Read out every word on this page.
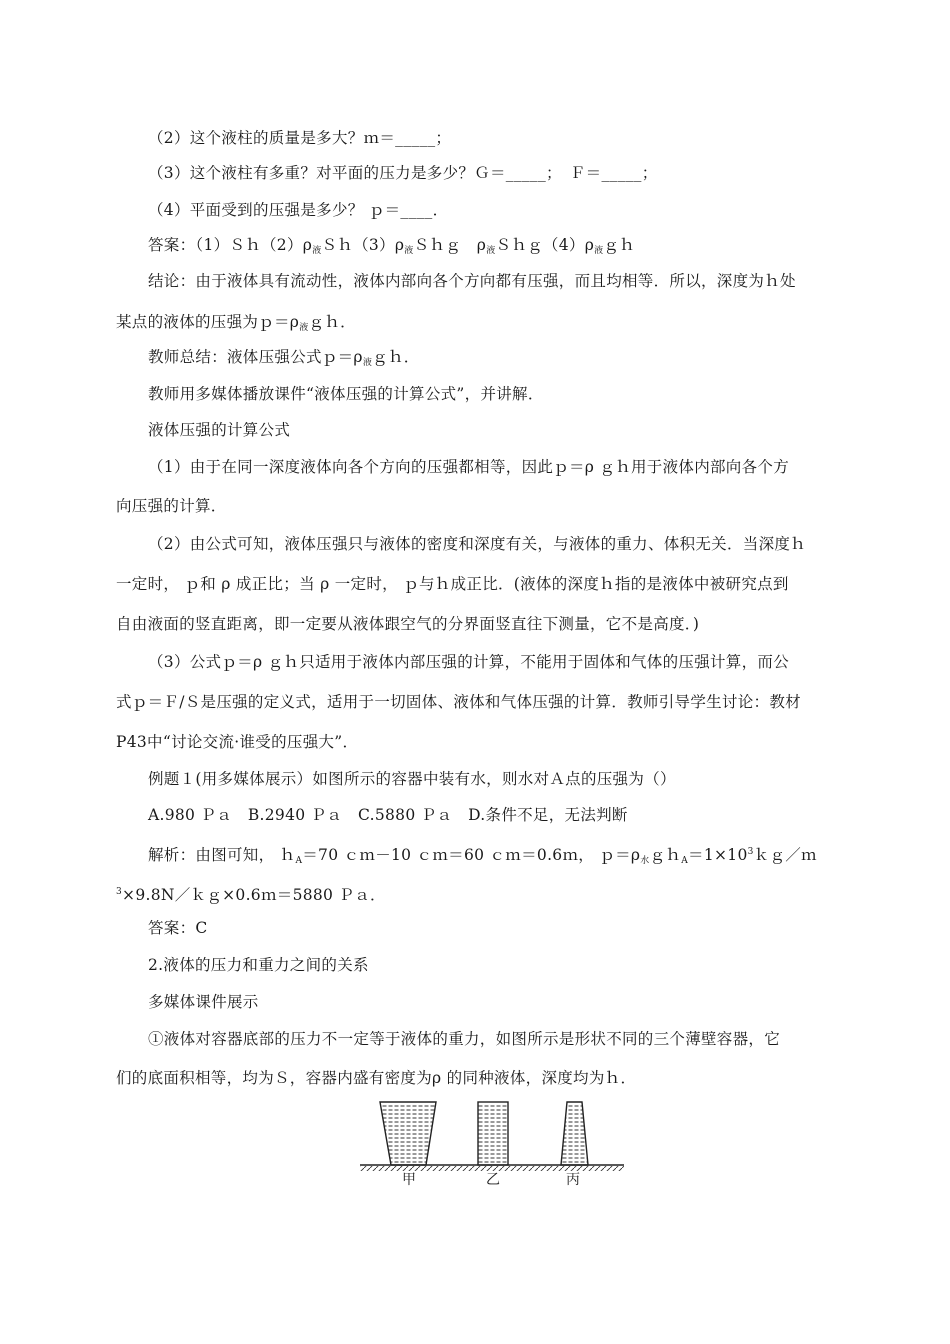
（2）这个液柱的质量是多大？ｍ＝_____；
（3）这个液柱有多重？对平面的压力是多少？Ｇ＝_____；　Ｆ＝_____；
（4）平面受到的压强是多少？ ｐ＝____．
答案：$(1)Sh(2)\rho_液Sh(3)\rho_液Shg$　$\rho_液Shg(4)\rho_液gh$
结论：由于液体具有流动性，液体内部向各个方向都有压强，而且均相等．所以，深度为ｈ处
某点的液体的压强为$p=\rho_液gh$．
教师总结：液体压强公式$p=\rho_液gh$．
教师用多媒体播放课件“液体压强的计算公式”，并讲解．
液体压强的计算公式
（1）由于在同一深度液体向各个方向的压强都相等，因此ｐ＝ρ ｇｈ用于液体内部向各个方
向压强的计算．
（2）由公式可知，液体压强只与液体的密度和深度有关，与液体的重力、体积无关．当深度ｈ
一定时， ｐ和 ρ 成正比；当 ρ 一定时， ｐ与ｈ成正比．(液体的深度ｈ指的是液体中被研究点到
自由液面的竖直距离，即一定要从液体跟空气的分界面竖直往下测量，它不是高度．)
（3）公式ｐ＝ρ ｇｈ只适用于液体内部压强的计算，不能用于固体和气体的压强计算，而公
式ｐ＝Ｆ/Ｓ是压强的定义式，适用于一切固体、液体和气体压强的计算．教师引导学生讨论：教材
P43中“讨论交流·谁受的压强大”．
例题１(用多媒体展示）如图所示的容器中装有水，则水对Ａ点的压强为（）
A.980 Ｐａ　B.2940 Ｐａ　C.5880 Ｐａ　D.条件不足，无法判断
解析：由图可知， ｈ$_A$＝70 ｃｍ－10 ｃｍ＝60 ｃｍ＝0.6ｍ， $p=\rho_水gh_A=1\times 10^3kg/m$
$^3$×9.8N／ｋｇ×0.6ｍ＝5880 Ｐａ．
答案：C
2.液体的压力和重力之间的关系
多媒体课件展示
①液体对容器底部的压力不一定等于液体的重力，如图所示是形状不同的三个薄壁容器，它
们的底面积相等，均为Ｓ，容器内盛有密度为ρ 的同种液体，深度均为ｈ．
甲	乙	丙
